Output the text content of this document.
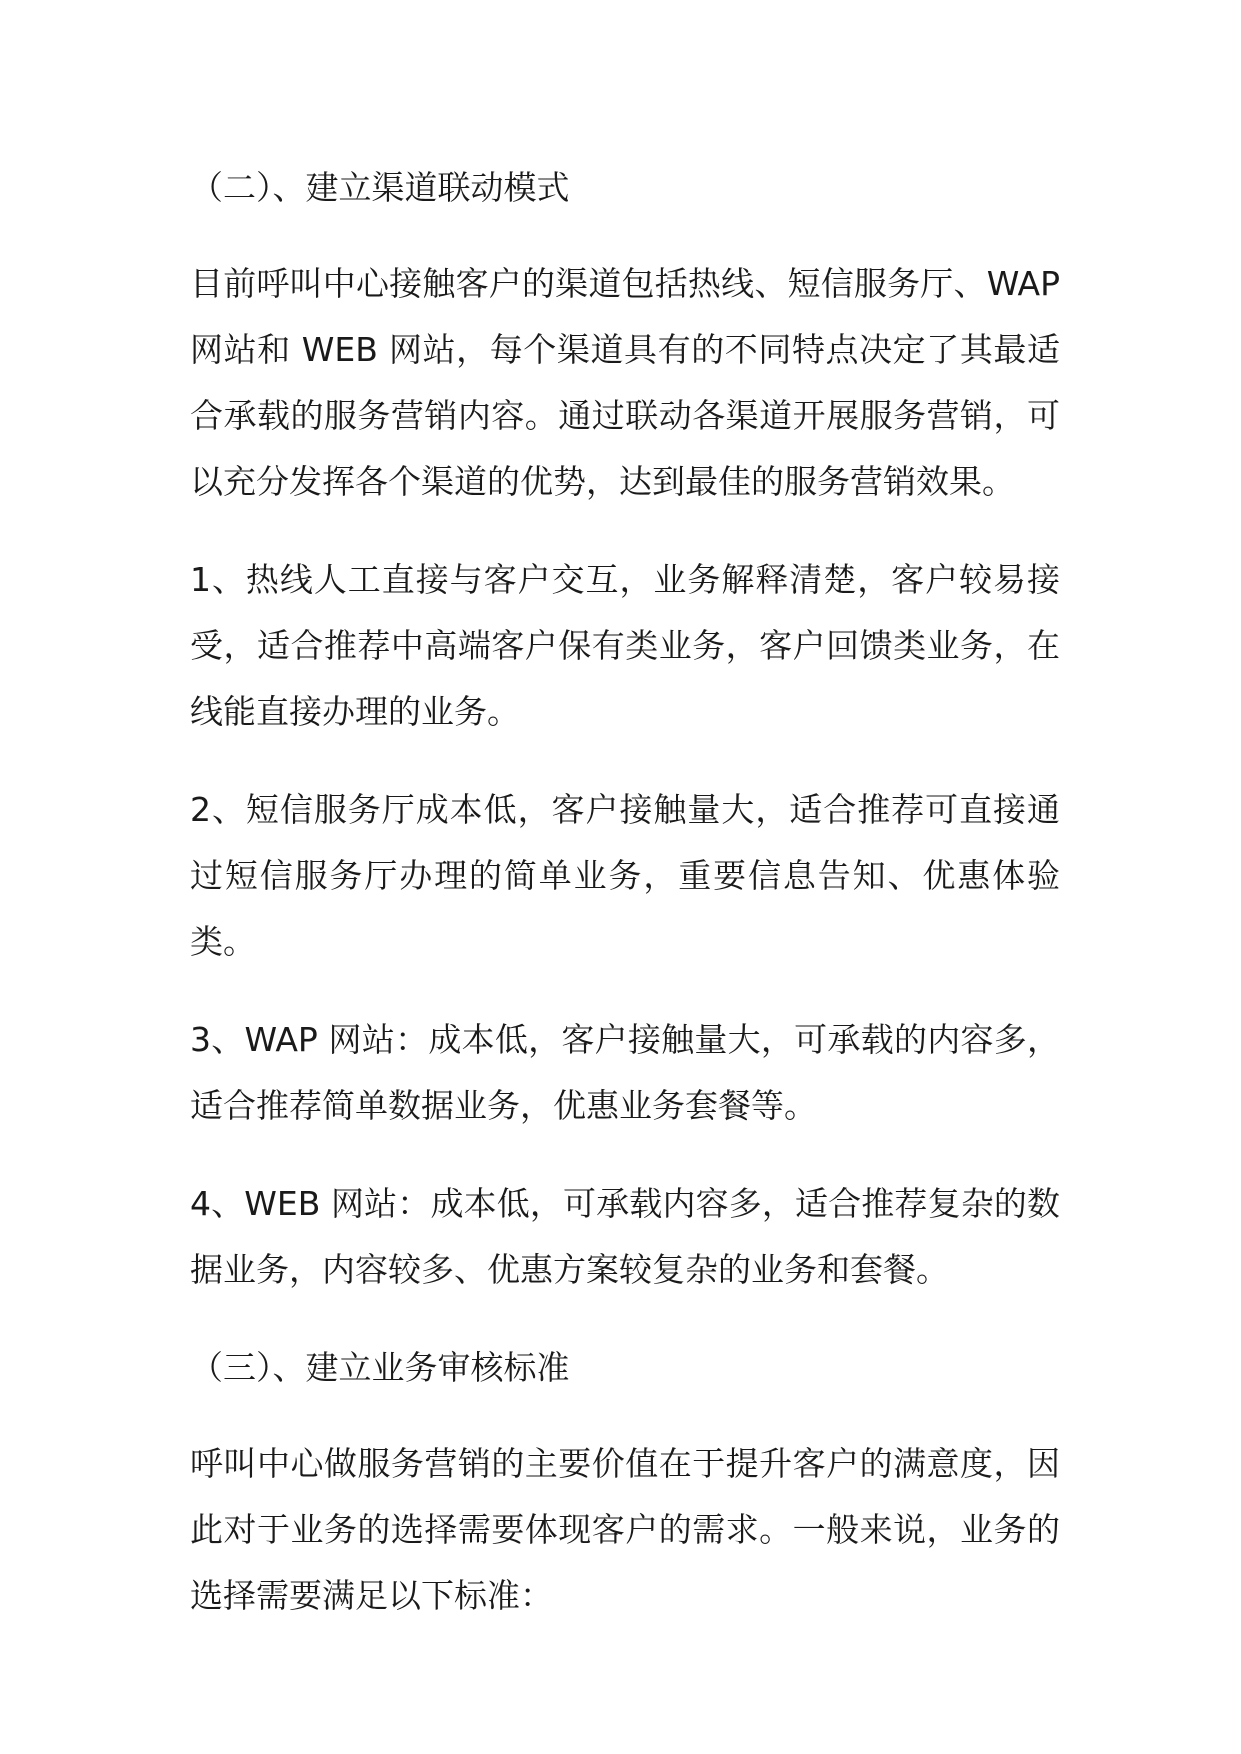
（二）、建立渠道联动模式

目前呼叫中心接触客户的渠道包括热线、短信服务厅、WAP网站和 WEB 网站，每个渠道具有的不同特点决定了其最适合承载的服务营销内容。通过联动各渠道开展服务营销，可以充分发挥各个渠道的优势，达到最佳的服务营销效果。

1、热线人工直接与客户交互，业务解释清楚，客户较易接受，适合推荐中高端客户保有类业务，客户回馈类业务，在线能直接办理的业务。

2、短信服务厅成本低，客户接触量大，适合推荐可直接通过短信服务厅办理的简单业务，重要信息告知、优惠体验类。

3、WAP 网站：成本低，客户接触量大，可承载的内容多，适合推荐简单数据业务，优惠业务套餐等。

4、WEB 网站：成本低，可承载内容多，适合推荐复杂的数据业务，内容较多、优惠方案较复杂的业务和套餐。

（三）、建立业务审核标准

呼叫中心做服务营销的主要价值在于提升客户的满意度，因此对于业务的选择需要体现客户的需求。一般来说，业务的选择需要满足以下标准：
